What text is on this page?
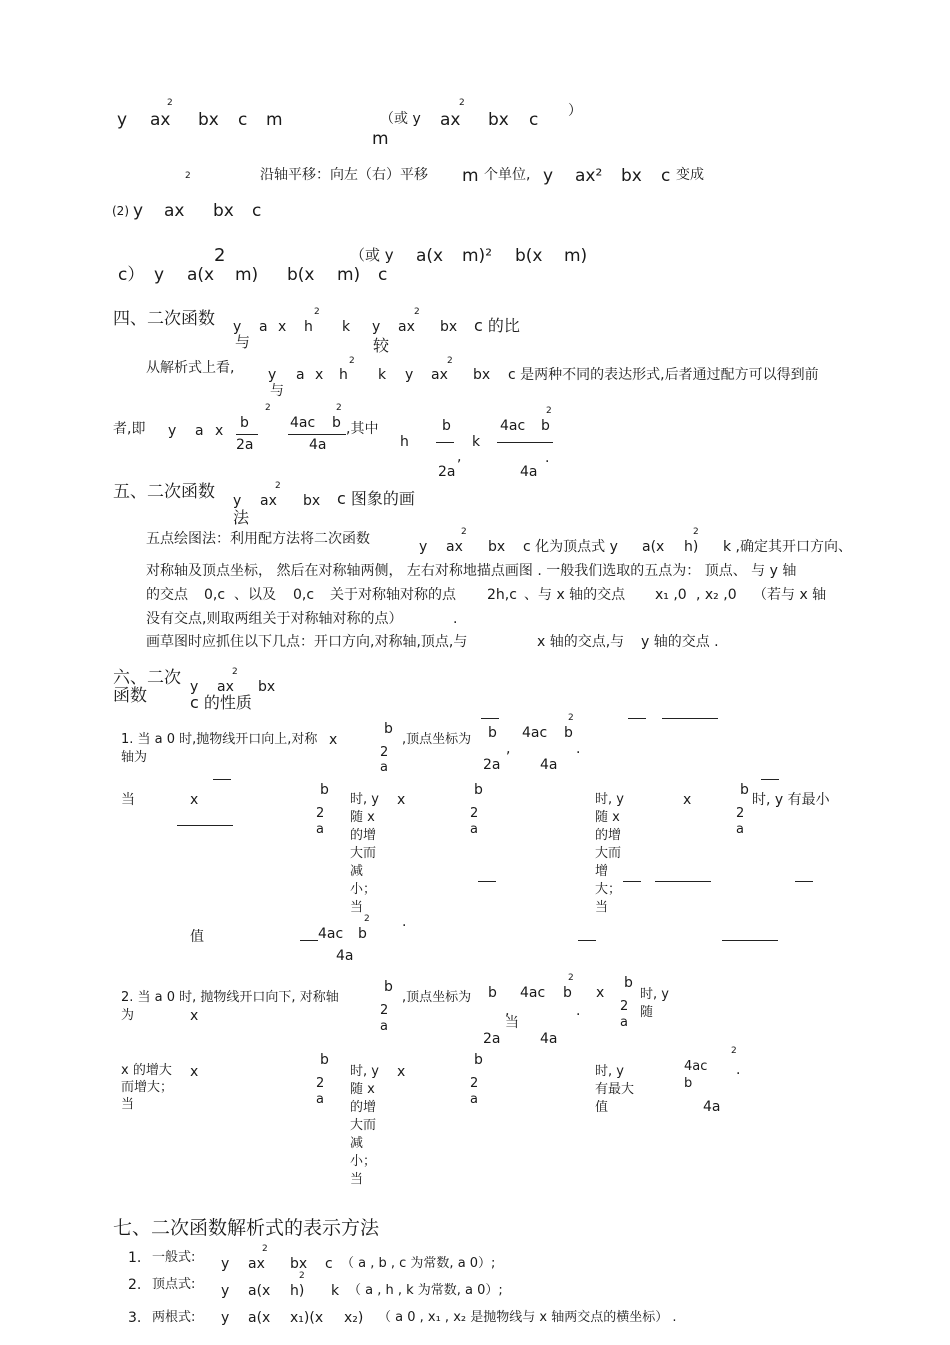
y ax
2
bx c m	（或 y ax
2
bx c ）
m
2	沿轴平移：向左（右）平移 m 个单位, y ax² bx c 变成
(2) y ax bx c
2	（或 y a(x m)² b(x m)
c） y a(x m) b(x m) c
四、二次函数 y a x h
2
k
与
y ax
2
bx c 的比
较
从解析式上看, y a x h
2
k
与
y ax
2
bx c 是两种不同的表达形式,后者通过配方可以得到前
者,即 y a x b
2
2a
4ac b
2
4a
,其中
h
b
2a
,
k
4ac b
2
4a
.
五、二次函数 y ax
2
bx c 图象的画
法
五点绘图法：利用配方法将二次函数	y ax
2
bx c 化为顶点式 y a(x h)
2
k ,确定其开口方向、
对称轴及顶点坐标， 然后在对称轴两侧， 左右对称地描点画图 . 一般我们选取的五点为： 顶点、 与 y 轴
的交点 0,c 、以及 0,c 关于对称轴对称的点 2h,c 、与 x 轴的交点 x₁ ,0 , x₂ ,0 （若与 x 轴
没有交点,则取两组关于对称轴对称的点）	.
画草图时应抓住以下几点：开口方向,对称轴,顶点,与	x 轴的交点,与 y 轴的交点 .
六、二次
函数	y ax
2
bx
c 的性质
1. 当 a 0 时,抛物线开口向上,对称轴为
x
b
2 a
,顶点坐标为 b
2a
,
4ac b
2
4a
.
当	x
b
2 a
时, y 随 x 的增大而减小；当
x
b
2 a
时, y 随 x 的增大而增大；当
x
b
2 a
时, y 有最小
值	4ac b
2
4a
.
2. 当 a 0 时, 抛物线开口向下, 对称轴为	x
b
2 a
,顶点坐标为 b
2a
,
4ac b
2
4a
.
当
x
b
2 a
时, y 随
x 的增大而增大；当
x
b
2 a
时, y 随 x 的增大而减小；当
x
b
2 a
时, y 有最大值
4ac b
2
4a
.
七、二次函数解析式的表示方法
1. 一般式: y ax
2
bx c （ a , b , c 为常数, a 0）;
2. 顶点式: y a(x h)
2
k （ a , h , k 为常数, a 0）;
3. 两根式: y a(x x₁)(x x₂) （ a 0 , x₁ , x₂ 是抛物线与 x 轴两交点的横坐标） .
